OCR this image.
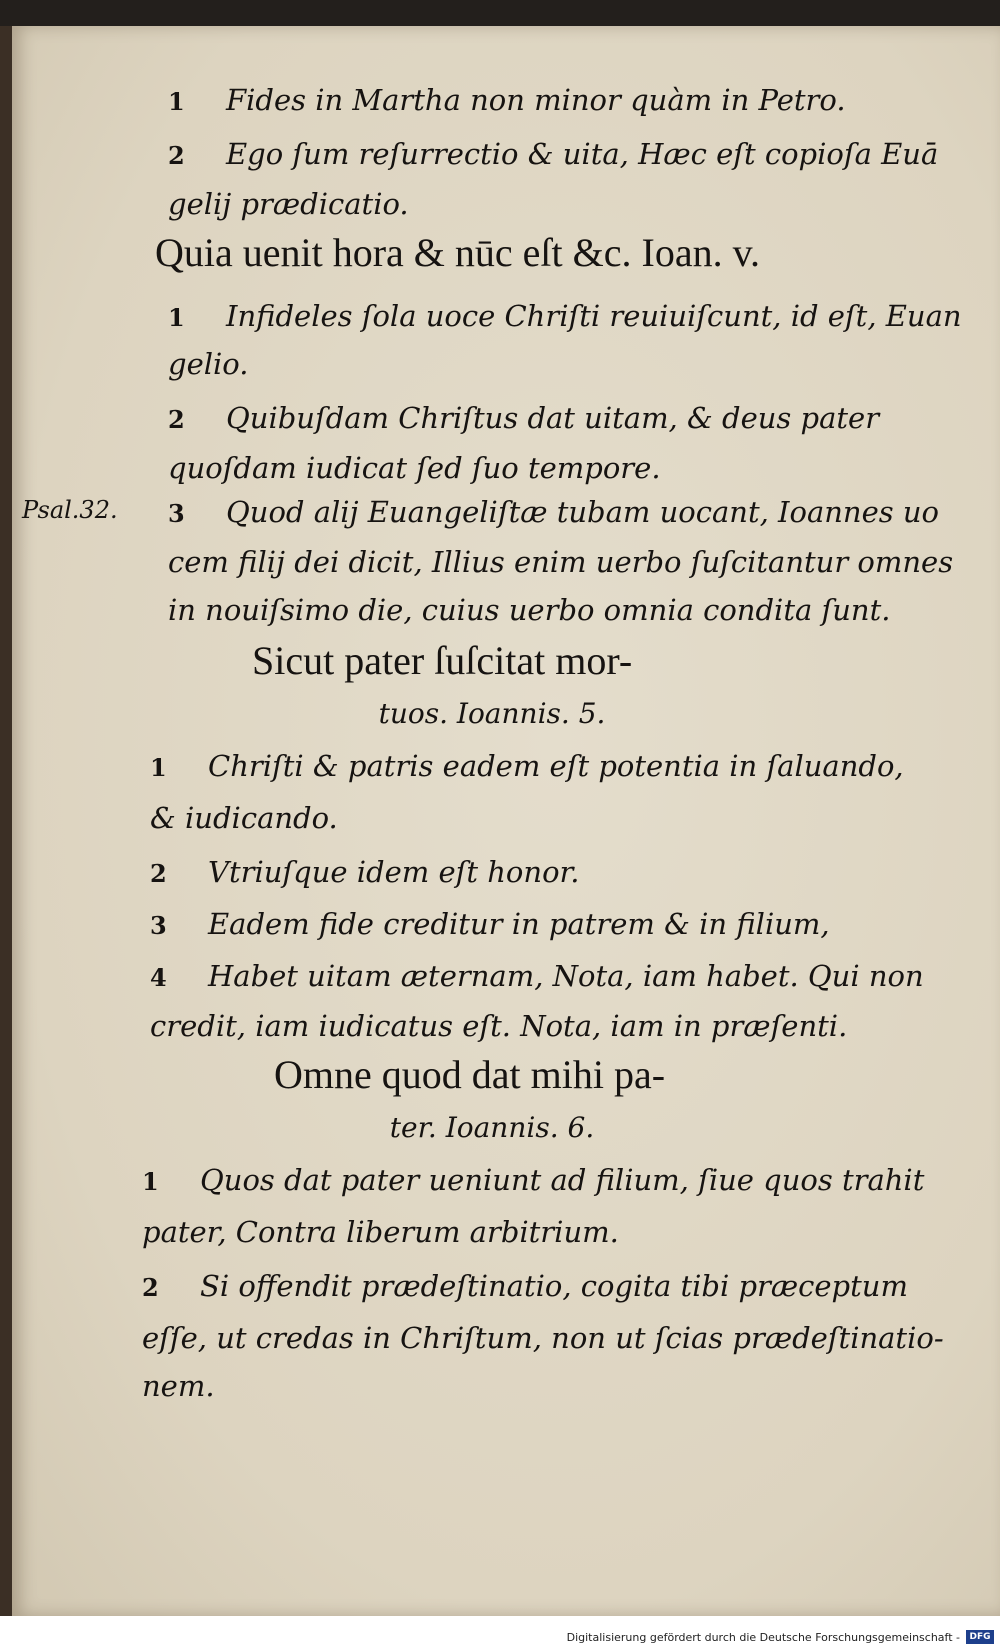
1 Fides in Martha non minor quàm in Petro.
2 Ego ſum reſurrectio & uita, Hæc eſt copioſa Euā
gelij prædicatio.
Quia uenit hora & nūc eſt &c. Ioan. v.
1 Infideles ſola uoce Chriſti reuiuiſcunt, id eſt, Euan
gelio.
2 Quibuſdam Chriſtus dat uitam, & deus pater
quoſdam iudicat ſed ſuo tempore.
Psal.32. 3 Quod alij Euangeliſtæ tubam uocant, Ioannes uo
cem filij dei dicit, Illius enim uerbo ſuſcitantur omnes
in nouiſsimo die, cuius uerbo omnia condita ſunt.
Sicut pater ſuſcitat mor-
tuos. Ioannis. 5.
1 Chriſti & patris eadem eſt potentia in ſaluando,
& iudicando.
2 Vtriuſque idem eſt honor.
3 Eadem fide creditur in patrem & in filium,
4 Habet uitam æternam, Nota, iam habet. Qui non
credit, iam iudicatus eſt. Nota, iam in præſenti.
Omne quod dat mihi pa-
ter. Ioannis. 6.
1 Quos dat pater ueniunt ad filium, ſiue quos trahit
pater, Contra liberum arbitrium.
2 Si offendit prædeſtinatio, cogita tibi præceptum
eſſe, ut credas in Chriſtum, non ut ſcias prædeſtinatio-
nem.
Digitalisierung gefördert durch die Deutsche Forschungsgemeinschaft -	DFG
